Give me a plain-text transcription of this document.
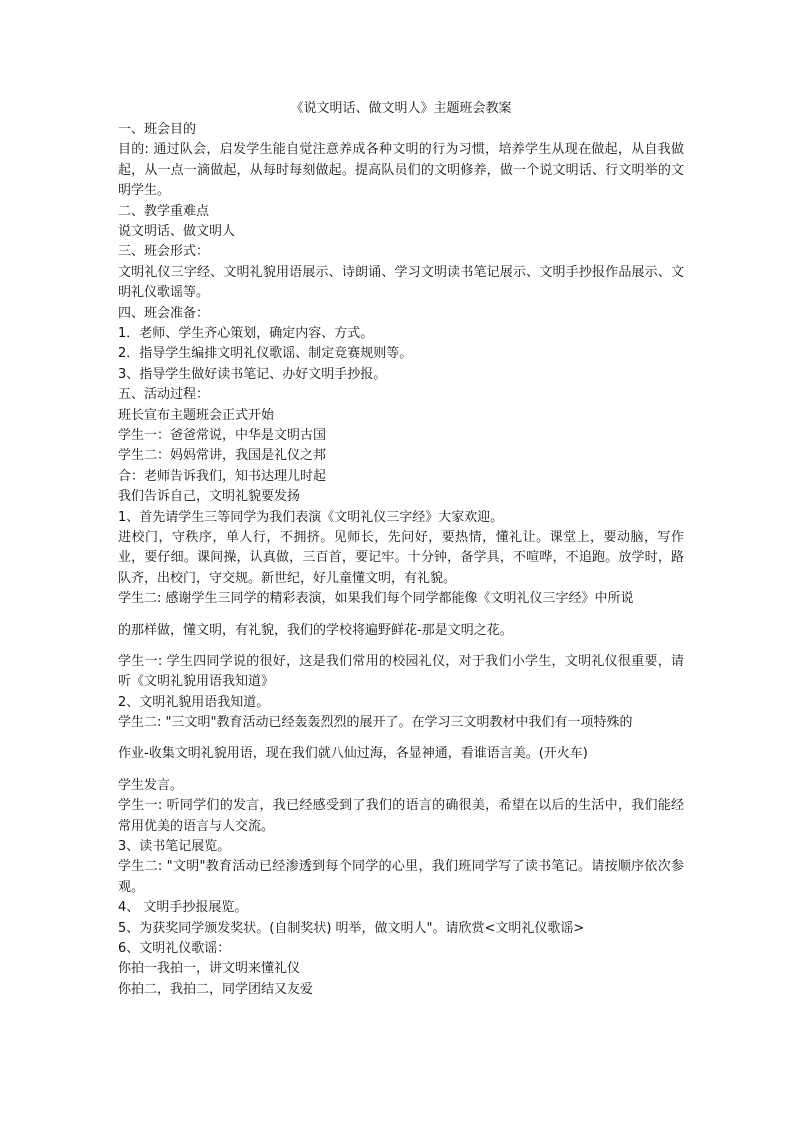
《说文明话、做文明人》主题班会教案
一、班会目的
目的: 通过队会，启发学生能自觉注意养成各种文明的行为习惯，培养学生从现在做起，从自我做起，从一点一滴做起，从每时每刻做起。提高队员们的文明修养，做一个说文明话、行文明举的文明学生。
二、教学重难点
说文明话、做文明人
三、班会形式：
文明礼仪三字经、文明礼貌用语展示、诗朗诵、学习文明读书笔记展示、文明手抄报作品展示、文明礼仪歌谣等。
四、班会准备：
1．老师、学生齐心策划，确定内容、方式。
2．指导学生编排文明礼仪歌谣、制定竞赛规则等。
3、指导学生做好读书笔记、办好文明手抄报。
五、活动过程：
班长宣布主题班会正式开始
学生一：爸爸常说，中华是文明古国
学生二：妈妈常讲，我国是礼仪之邦
合：老师告诉我们，知书达理儿时起
我们告诉自己，文明礼貌要发扬
1、首先请学生三等同学为我们表演《文明礼仪三字经》大家欢迎。
进校门，守秩序，单人行，不拥挤。见师长，先问好，要热情，懂礼让。课堂上，要动脑，写作业，要仔细。课间操，认真做，三百首，要记牢。十分钟，备学具，不喧哗，不追跑。放学时，路队齐，出校门，守交规。新世纪，好儿童懂文明，有礼貌。
学生二: 感谢学生三同学的精彩表演，如果我们每个同学都能像《文明礼仪三字经》中所说
的那样做，懂文明，有礼貌，我们的学校将遍野鲜花-那是文明之花。
学生一: 学生四同学说的很好，这是我们常用的校园礼仪，对于我们小学生，文明礼仪很重要，请听《文明礼貌用语我知道》
2、文明礼貌用语我知道。
学生二: "三文明"教育活动已经轰轰烈烈的展开了。在学习三文明教材中我们有一项特殊的
作业-收集文明礼貌用语，现在我们就八仙过海，各显神通，看谁语言美。(开火车)
学生发言。
学生一: 听同学们的发言，我已经感受到了我们的语言的确很美，希望在以后的生活中，我们能经常用优美的语言与人交流。
3、读书笔记展览。
学生二: "文明"教育活动已经渗透到每个同学的心里，我们班同学写了读书笔记。请按顺序依次参观。
4、 文明手抄报展览。
5、为获奖同学颁发奖状。(自制奖状) 明举，做文明人"。请欣赏<文明礼仪歌谣>
6、文明礼仪歌谣：
你拍一我拍一，讲文明来懂礼仪
你拍二，我拍二，同学团结又友爱
